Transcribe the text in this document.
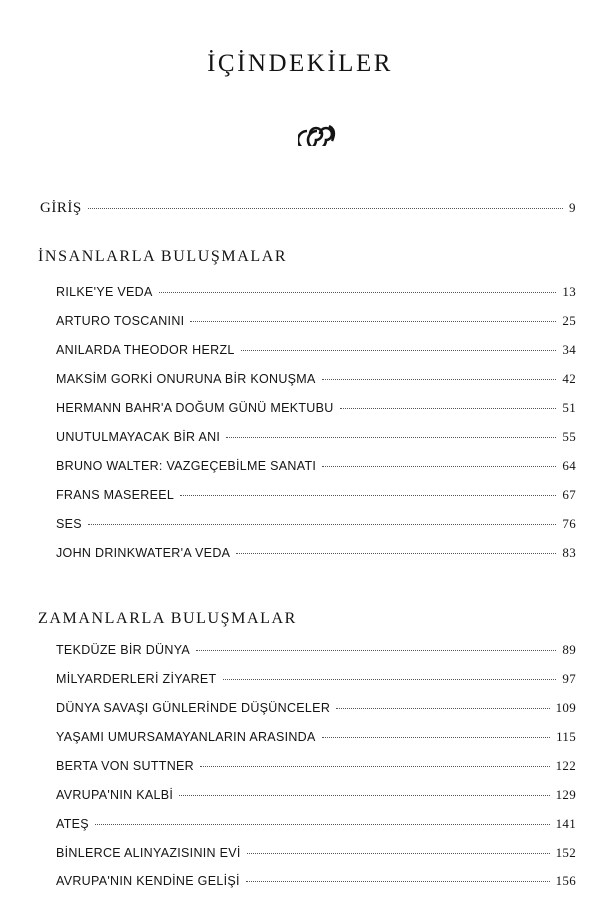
İÇİNDEKİLER
GİRİŞ	9
İNSANLARLA BULUŞMALAR
RILKE'YE VEDA	13
ARTURO TOSCANINI	25
ANILARDA THEODOR HERZL	34
MAKSİM GORKİ ONURUNA BİR KONUŞMA	42
HERMANN BAHR'A DOĞUM GÜNÜ MEKTUBU	51
UNUTULMAYACAK BİR ANI	55
BRUNO WALTER: VAZGEÇEBİLME SANATI	64
FRANS MASEREEL	67
SES	76
JOHN DRINKWATER'A VEDA	83
ZAMANLARLA BULUŞMALAR
TEKDÜZE BİR DÜNYA	89
MİLYARDERLERİ ZİYARET	97
DÜNYA SAVAŞI GÜNLERİNDE DÜŞÜNCELER	109
YAŞAMI UMURSAMAYANLARIN ARASINDA	115
BERTA VON SUTTNER	122
AVRUPA'NIN KALBİ	129
ATEŞ	141
BİNLERCE ALINYAZISININ EVİ	152
AVRUPA'NIN KENDİNE GELİŞİ	156
